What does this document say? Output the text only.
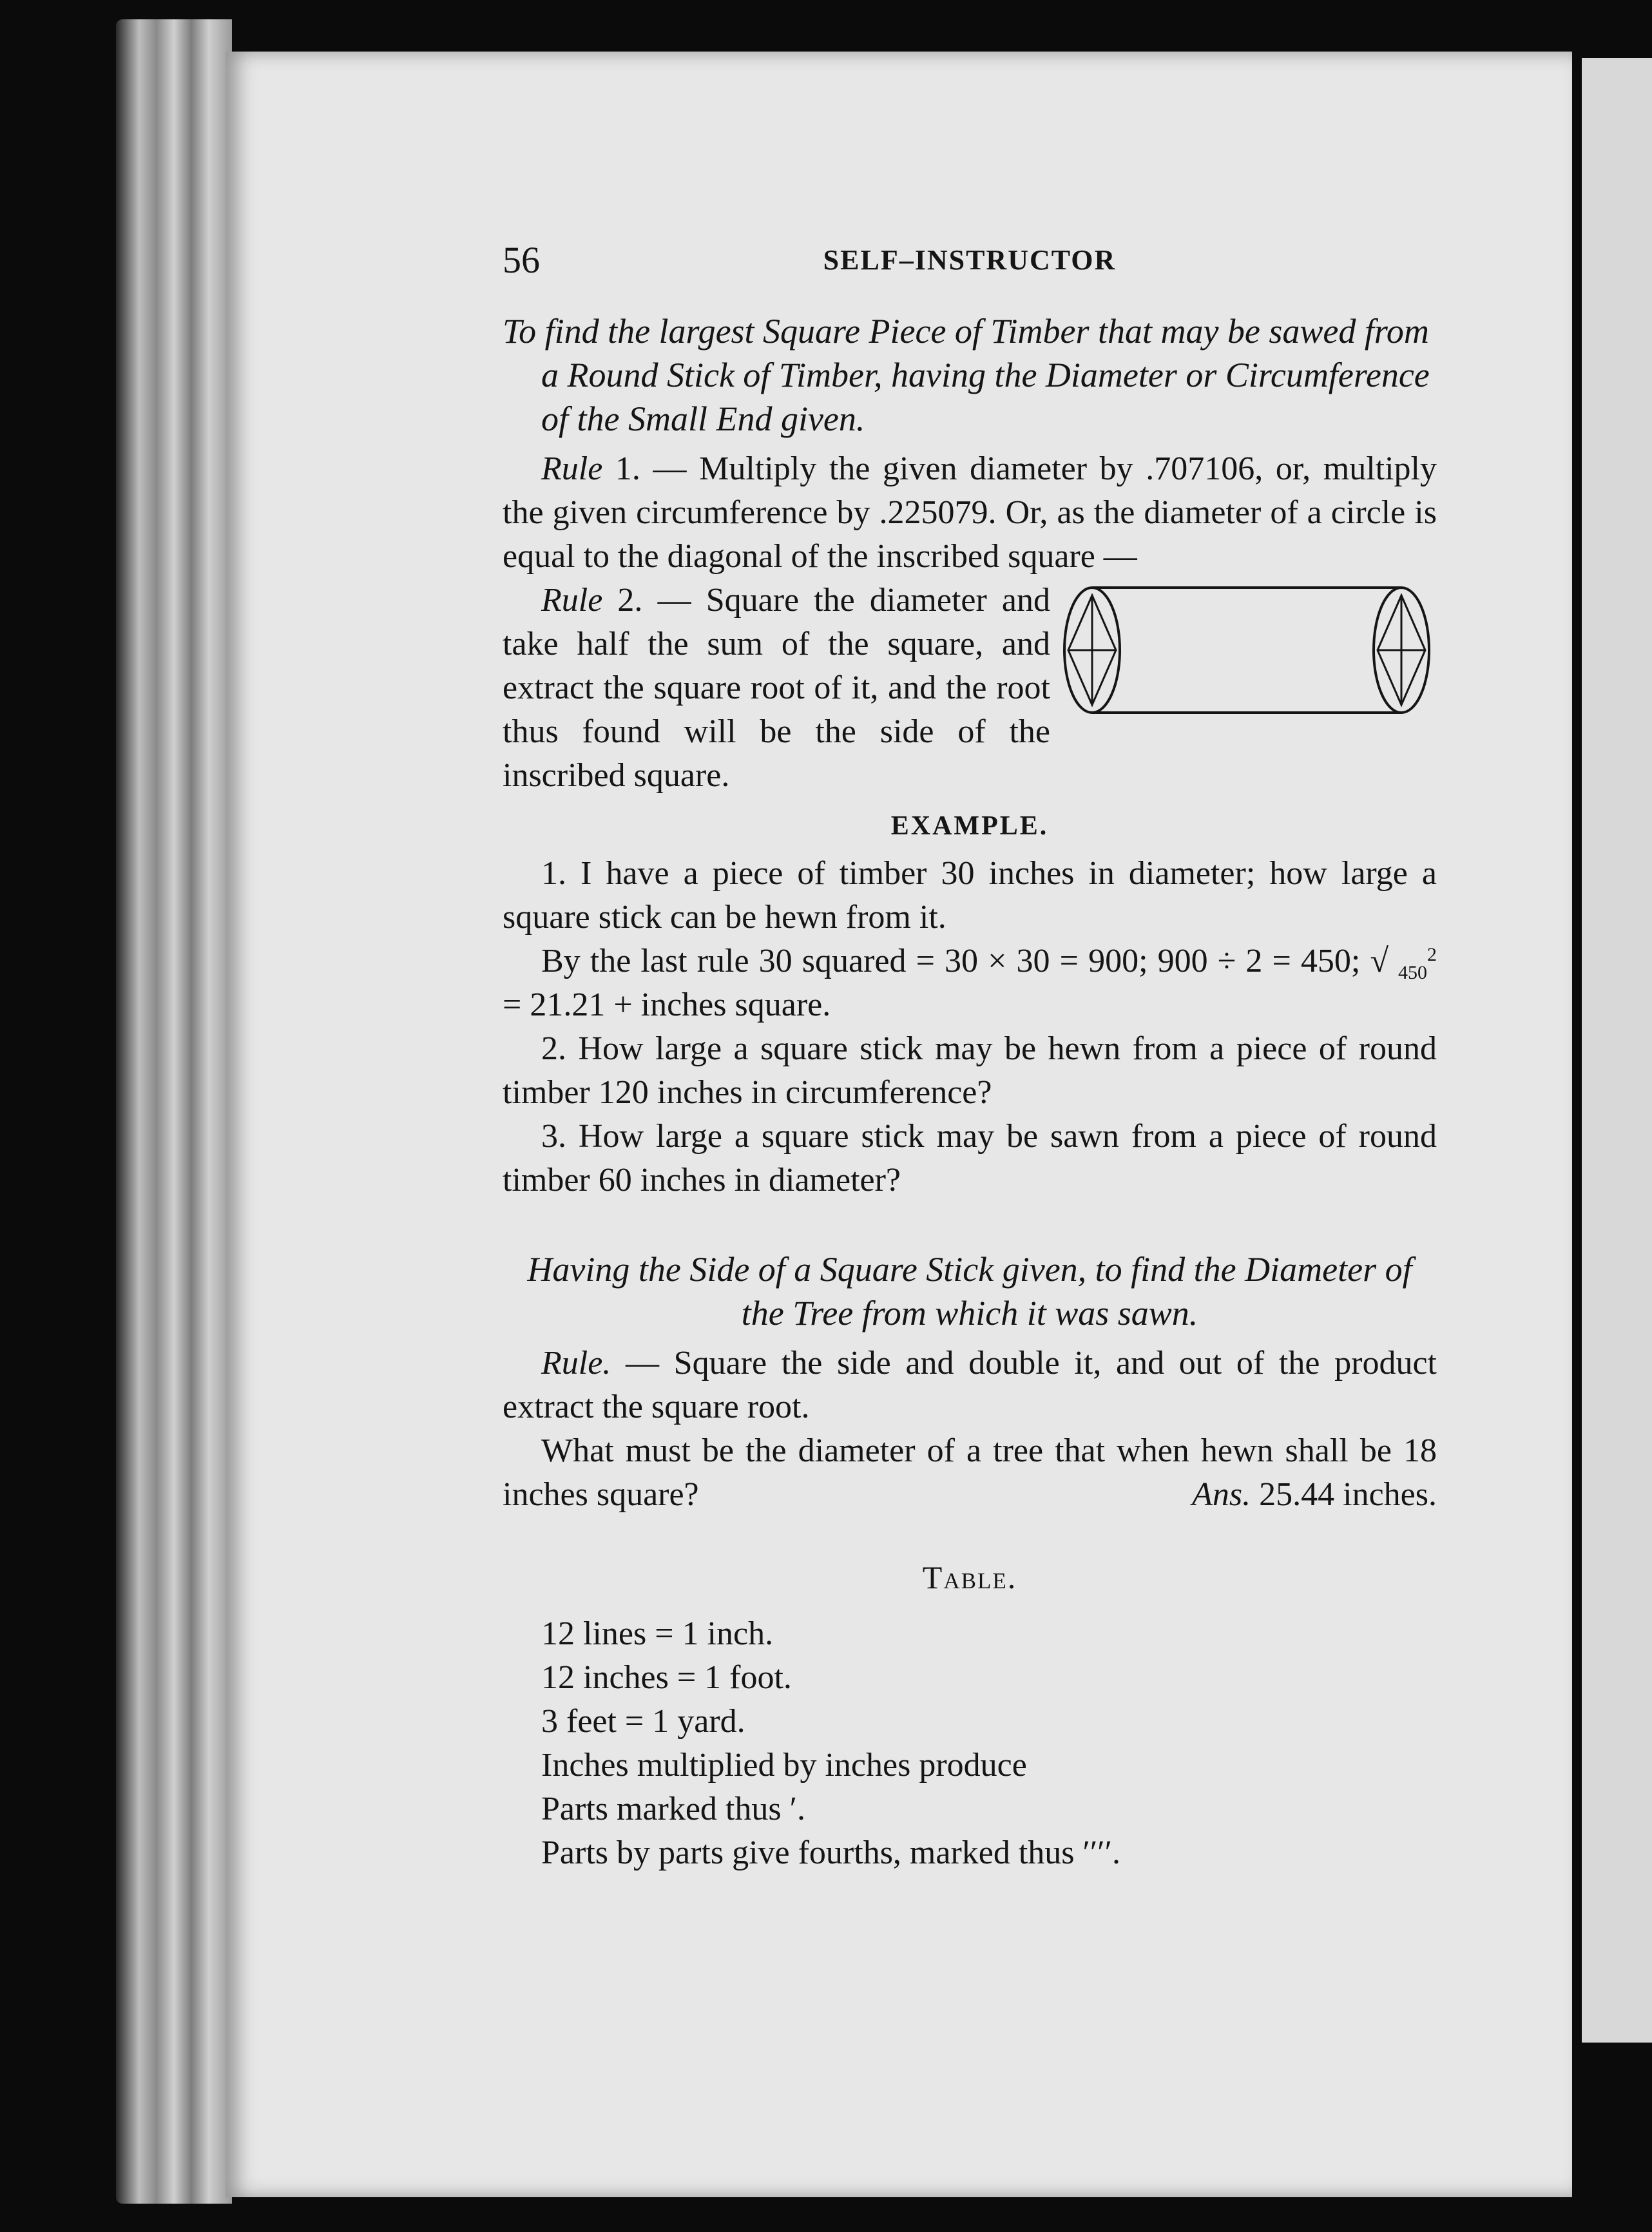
56	SELF–INSTRUCTOR
To find the largest Square Piece of Timber that may be sawed from a Round Stick of Timber, having the Diameter or Circumference of the Small End given.

Rule 1. — Multiply the given diameter by .707106, or, multiply the given circumference by .225079. Or, as the diameter of a circle is equal to the diagonal of the inscribed square —

Rule 2. — Square the diameter and take half the sum of the square, and extract the square root of it, and the root thus found will be the side of the inscribed square.

EXAMPLE.

1. I have a piece of timber 30 inches in diameter; how large a square stick can be hewn from it.

By the last rule 30 squared = 30 × 30 = 900; 900 ÷ 2 = 450; √ 2
450 = 21.21 + inches square.

2. How large a square stick may be hewn from a piece of round timber 120 inches in circumference?

3. How large a square stick may be sawn from a piece of round timber 60 inches in diameter?

Having the Side of a Square Stick given, to find the Diameter of the Tree from which it was sawn.

Rule. — Square the side and double it, and out of the product extract the square root.

What must be the diameter of a tree that when hewn shall be 18 inches square?	Ans. 25.44 inches.

Table.
12 lines = 1 inch.
12 inches = 1 foot.
3 feet = 1 yard.
Inches multiplied by inches produce
Parts marked thus ′.
Parts by parts give fourths, marked thus ′′′′.
